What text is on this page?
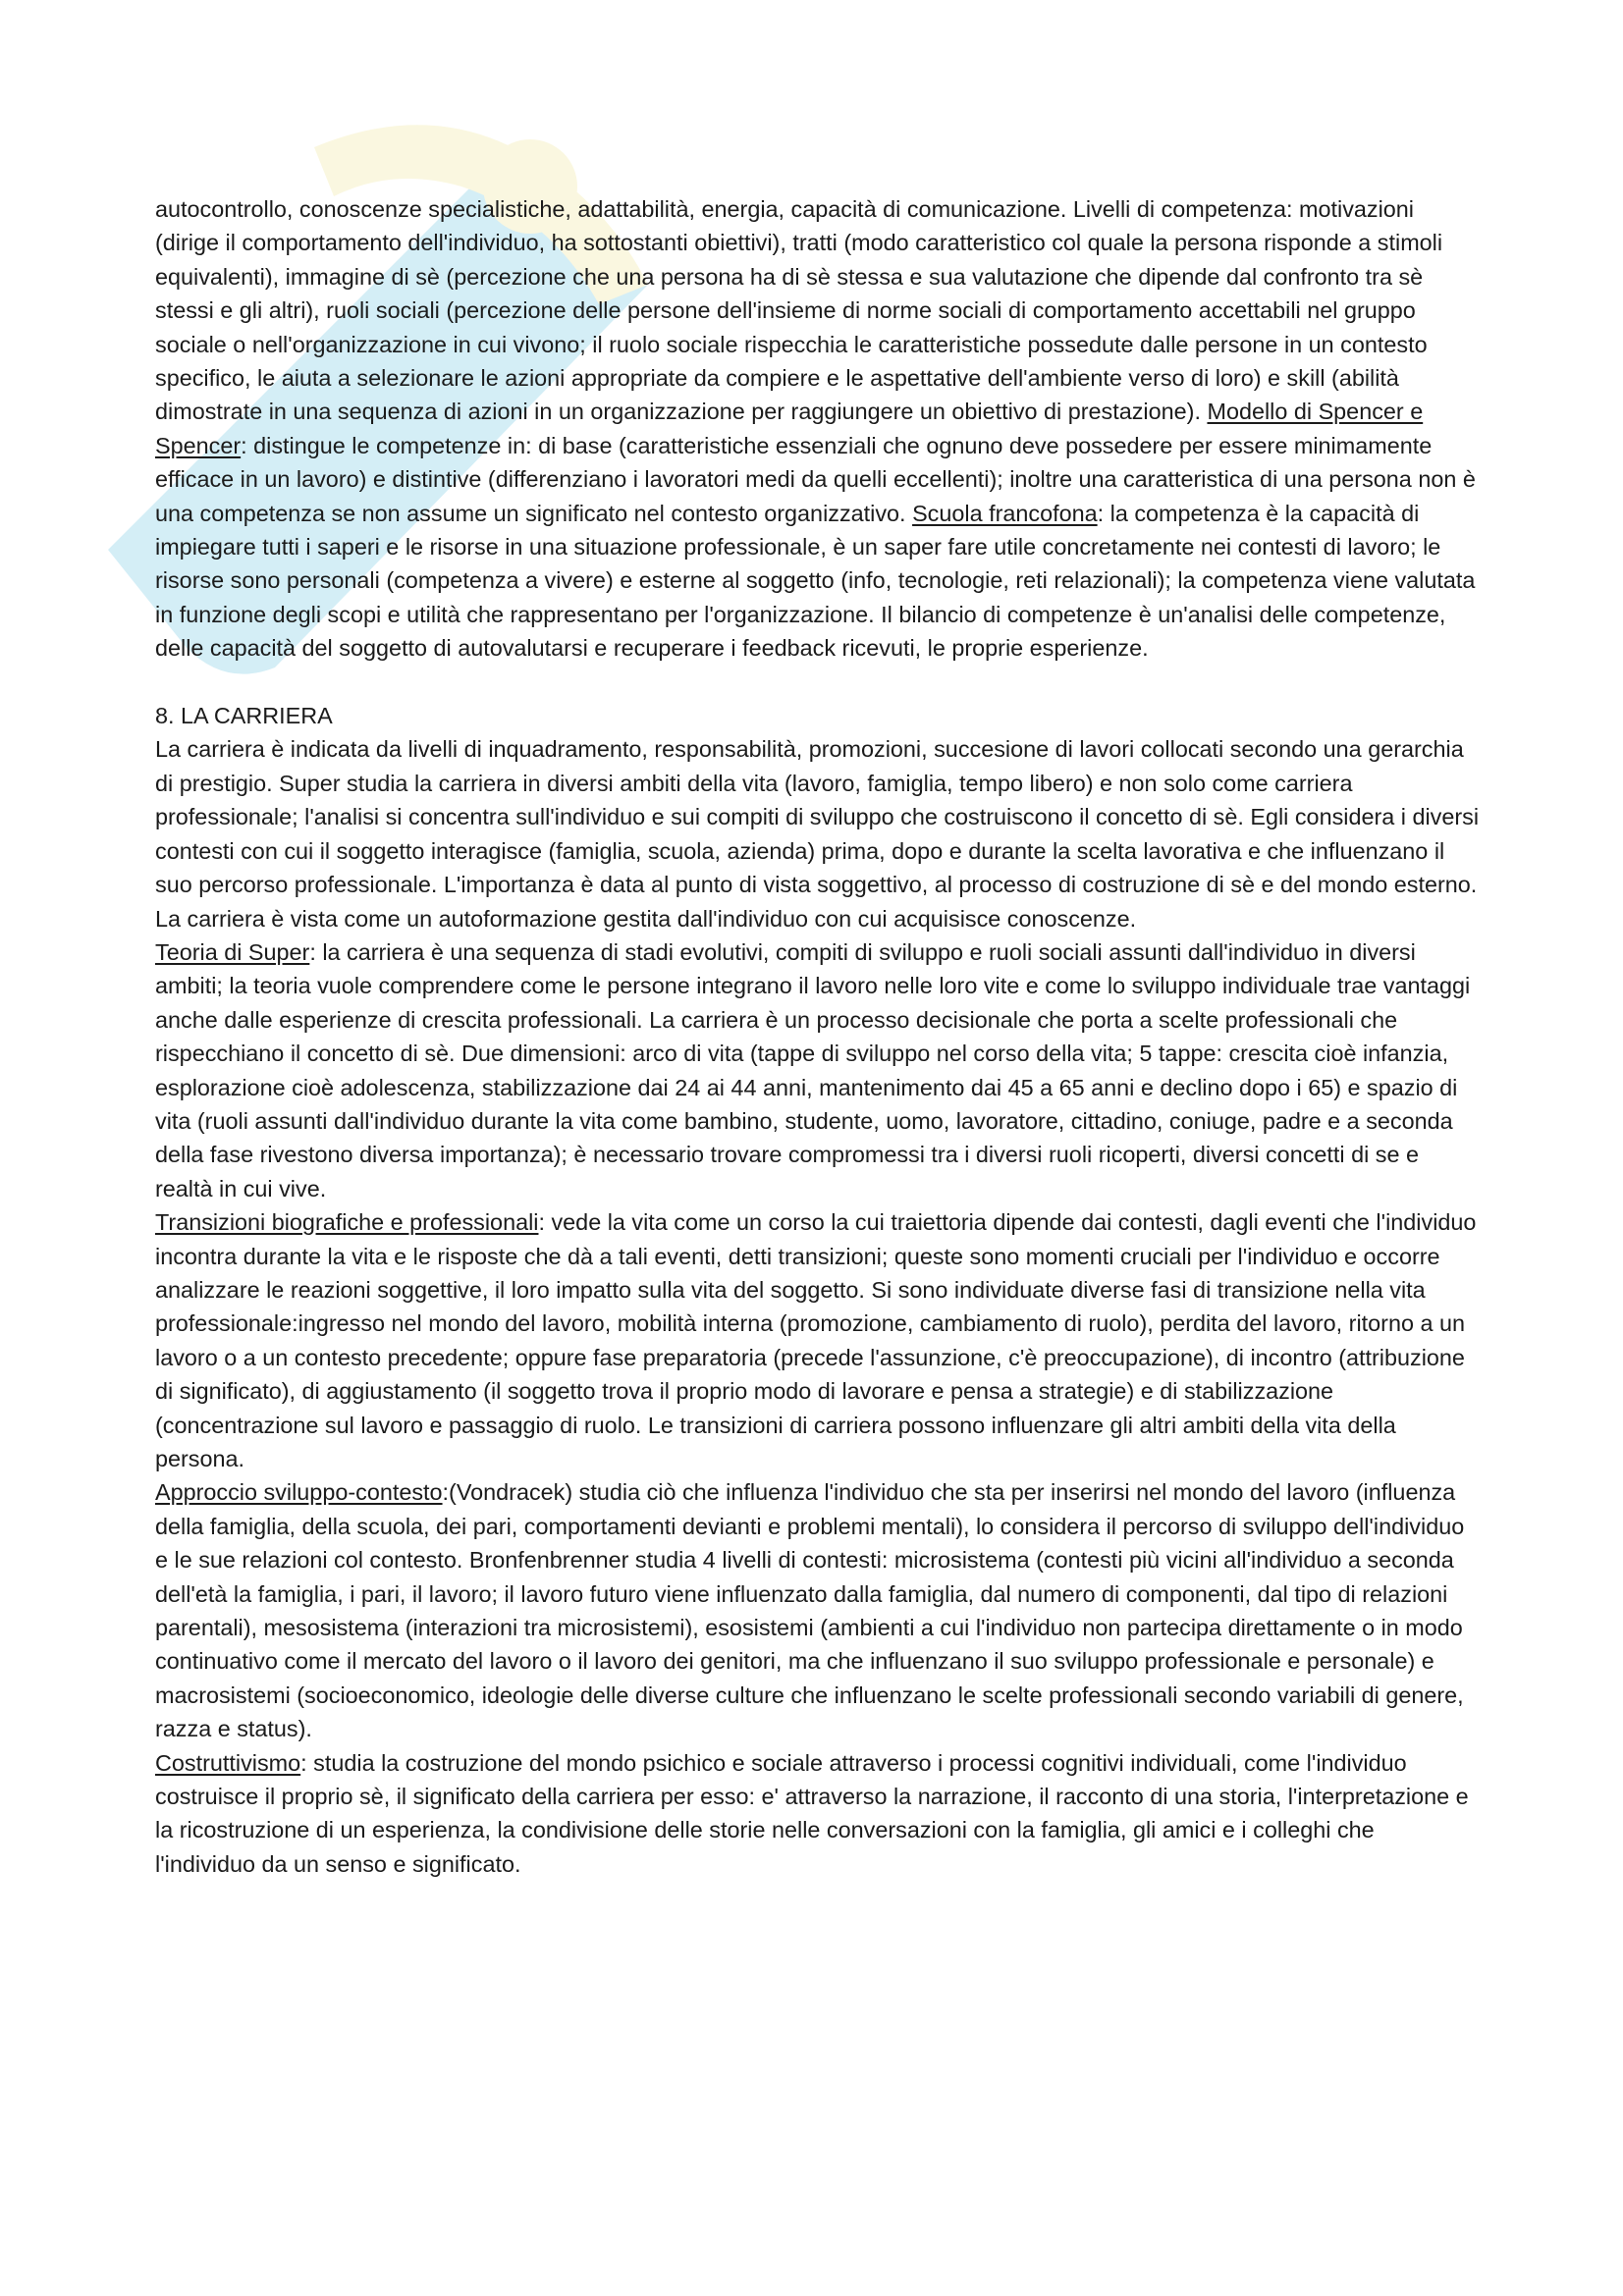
autocontrollo, conoscenze specialistiche, adattabilità, energia, capacità di comunicazione. Livelli di competenza: motivazioni (dirige il comportamento dell'individuo, ha sottostanti obiettivi), tratti (modo caratteristico col quale la persona risponde a stimoli equivalenti), immagine di sè (percezione che una persona ha di sè stessa e sua valutazione che dipende dal confronto tra sè stessi e gli altri), ruoli sociali (percezione delle persone dell'insieme di norme sociali di comportamento accettabili nel gruppo sociale o nell'organizzazione in cui vivono; il ruolo sociale rispecchia le caratteristiche possedute dalle persone in un contesto specifico, le aiuta a selezionare le azioni appropriate da compiere e le aspettative dell'ambiente verso di loro) e skill (abilità dimostrate in una sequenza di azioni in un organizzazione per raggiungere un obiettivo di prestazione). Modello di Spencer e Spencer: distingue le competenze in: di base (caratteristiche essenziali che ognuno deve possedere per essere minimamente efficace in un lavoro) e distintive (differenziano i lavoratori medi da quelli eccellenti); inoltre una caratteristica di una persona non è una competenza se non assume un significato nel contesto organizzativo. Scuola francofona: la competenza è la capacità di impiegare tutti i saperi e le risorse in una situazione professionale, è un saper fare utile concretamente nei contesti di lavoro; le risorse sono personali (competenza a vivere) e esterne al soggetto (info, tecnologie, reti relazionali); la competenza viene valutata in funzione degli scopi e utilità che rappresentano per l'organizzazione. Il bilancio di competenze è un'analisi delle competenze, delle capacità del soggetto di autovalutarsi e recuperare i feedback ricevuti, le proprie esperienze.

8. LA CARRIERA

La carriera è indicata da livelli di inquadramento, responsabilità, promozioni, succesione di lavori collocati secondo una gerarchia di prestigio. Super studia la carriera in diversi ambiti della vita (lavoro, famiglia, tempo libero) e non solo come carriera professionale; l'analisi si concentra sull'individuo e sui compiti di sviluppo che costruiscono il concetto di sè. Egli considera i diversi contesti con cui il soggetto interagisce (famiglia, scuola, azienda) prima, dopo e durante la scelta lavorativa e che influenzano il suo percorso professionale. L'importanza è data al punto di vista soggettivo, al processo di costruzione di sè e del mondo esterno. La carriera è vista come un autoformazione gestita dall'individuo con cui acquisisce conoscenze.

Teoria di Super: la carriera è una sequenza di stadi evolutivi, compiti di sviluppo e ruoli sociali assunti dall'individuo in diversi ambiti; la teoria vuole comprendere come le persone integrano il lavoro nelle loro vite e come lo sviluppo individuale trae vantaggi anche dalle esperienze di crescita professionali. La carriera è un processo decisionale che porta a scelte professionali che rispecchiano il concetto di sè. Due dimensioni: arco di vita (tappe di sviluppo nel corso della vita; 5 tappe: crescita cioè infanzia, esplorazione cioè adolescenza, stabilizzazione dai 24 ai 44 anni, mantenimento dai 45 a 65 anni e declino dopo i 65) e spazio di vita (ruoli assunti dall'individuo durante la vita come bambino, studente, uomo, lavoratore, cittadino, coniuge, padre e a seconda della fase rivestono diversa importanza); è necessario trovare compromessi tra i diversi ruoli ricoperti, diversi concetti di se e realtà in cui vive.

Transizioni biografiche e professionali: vede la vita come un corso la cui traiettoria dipende dai contesti, dagli eventi che l'individuo incontra durante la vita e le risposte che dà a tali eventi, detti transizioni; queste sono momenti cruciali per l'individuo e occorre analizzare le reazioni soggettive, il loro impatto sulla vita del soggetto. Si sono individuate diverse fasi di transizione nella vita professionale:ingresso nel mondo del lavoro, mobilità interna (promozione, cambiamento di ruolo), perdita del lavoro, ritorno a un lavoro o a un contesto precedente; oppure fase preparatoria (precede l'assunzione, c'è preoccupazione), di incontro (attribuzione di significato), di aggiustamento (il soggetto trova il proprio modo di lavorare e pensa a strategie) e di stabilizzazione (concentrazione sul lavoro e passaggio di ruolo. Le transizioni di carriera possono influenzare gli altri ambiti della vita della persona.

Approccio sviluppo-contesto:(Vondracek) studia ciò che influenza l'individuo che sta per inserirsi nel mondo del lavoro (influenza della famiglia, della scuola, dei pari, comportamenti devianti e problemi mentali), lo considera il percorso di sviluppo dell'individuo e le sue relazioni col contesto. Bronfenbrenner studia 4 livelli di contesti: microsistema (contesti più vicini all'individuo a seconda dell'età la famiglia, i pari, il lavoro; il lavoro futuro viene influenzato dalla famiglia, dal numero di componenti, dal tipo di relazioni parentali), mesosistema (interazioni tra microsistemi), esosistemi (ambienti a cui l'individuo non partecipa direttamente o in modo continuativo come il mercato del lavoro o il lavoro dei genitori, ma che influenzano il suo sviluppo professionale e personale) e macrosistemi (socioeconomico, ideologie delle diverse culture che influenzano le scelte professionali secondo variabili di genere, razza e status).

Costruttivismo: studia la costruzione del mondo psichico e sociale attraverso i processi cognitivi individuali, come l'individuo costruisce il proprio sè, il significato della carriera per esso: e' attraverso la narrazione, il racconto di una storia, l'interpretazione e la ricostruzione di un esperienza, la condivisione delle storie nelle conversazioni con la famiglia, gli amici e i colleghi che l'individuo da un senso e significato.
